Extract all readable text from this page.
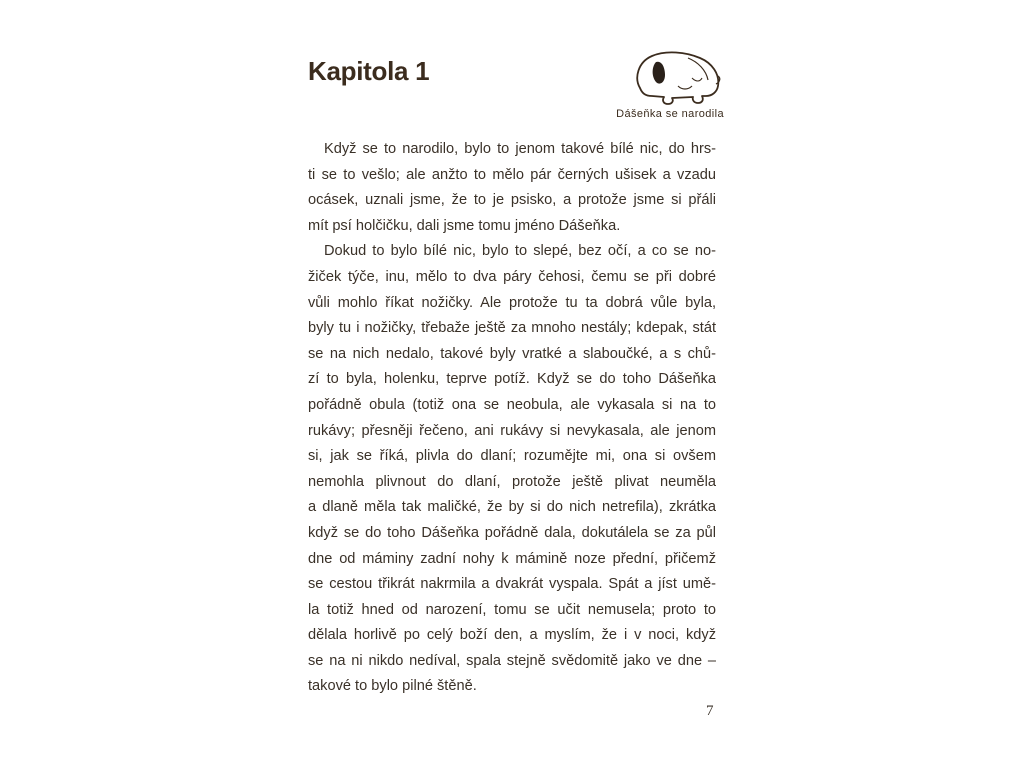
Kapitola 1
Dášeňka se narodila
Když se to narodilo, bylo to jenom takové bílé nic, do hrs-
ti se to vešlo; ale anžto to mělo pár černých ušisek a vzadu
ocásek, uznali jsme, že to je psisko, a protože jsme si přáli
mít psí holčičku, dali jsme tomu jméno Dášeňka.
Dokud to bylo bílé nic, bylo to slepé, bez očí, a co se no-
žiček týče, inu, mělo to dva páry čehosi, čemu se při dobré
vůli mohlo říkat nožičky. Ale protože tu ta dobrá vůle byla,
byly tu i nožičky, třebaže ještě za mnoho nestály; kdepak, stát
se na nich nedalo, takové byly vratké a slaboučké, a s chů-
zí to byla, holenku, teprve potíž. Když se do toho Dášeňka
pořádně obula (totiž ona se neobula, ale vykasala si na to
rukávy; přesněji řečeno, ani rukávy si nevykasala, ale jenom
si, jak se říká, plivla do dlaní; rozumějte mi, ona si ovšem
nemohla plivnout do dlaní, protože ještě plivat neuměla
a dlaně měla tak maličké, že by si do nich netrefila), zkrátka
když se do toho Dášeňka pořádně dala, dokutálela se za půl
dne od máminy zadní nohy k mámině noze přední, přičemž
se cestou třikrát nakrmila a dvakrát vyspala. Spát a jíst umě-
la totiž hned od narození, tomu se učit nemusela; proto to
dělala horlivě po celý boží den, a myslím, že i v noci, když
se na ni nikdo nedíval, spala stejně svědomitě jako ve dne –
takové to bylo pilné štěně.
7
